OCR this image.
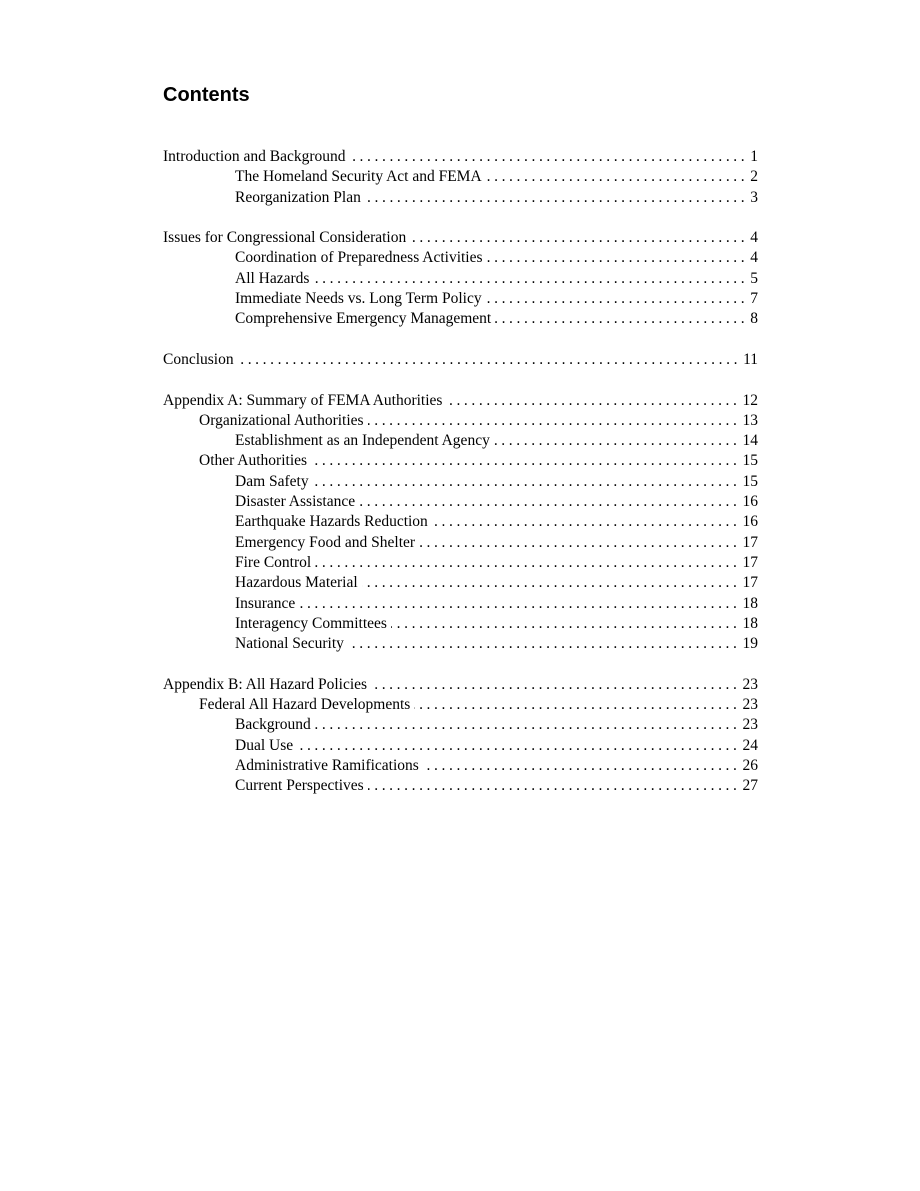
Contents
Introduction and Background .....	1
The Homeland Security Act and FEMA .....	2
Reorganization Plan .....	3
Issues for Congressional Consideration .....	4
Coordination of Preparedness Activities .....	4
All Hazards .....	5
Immediate Needs vs. Long Term Policy .....	7
Comprehensive Emergency Management .....	8
Conclusion .....	11
Appendix A: Summary of FEMA Authorities .....	12
Organizational Authorities .....	13
Establishment as an Independent Agency .....	14
Other Authorities .....	15
Dam Safety .....	15
Disaster Assistance .....	16
Earthquake Hazards Reduction .....	16
Emergency Food and Shelter .....	17
Fire Control .....	17
Hazardous Material .....	17
Insurance .....	18
Interagency Committees .....	18
National Security .....	19
Appendix B: All Hazard Policies .....	23
Federal All Hazard Developments .....	23
Background .....	23
Dual Use .....	24
Administrative Ramifications .....	26
Current Perspectives .....	27
